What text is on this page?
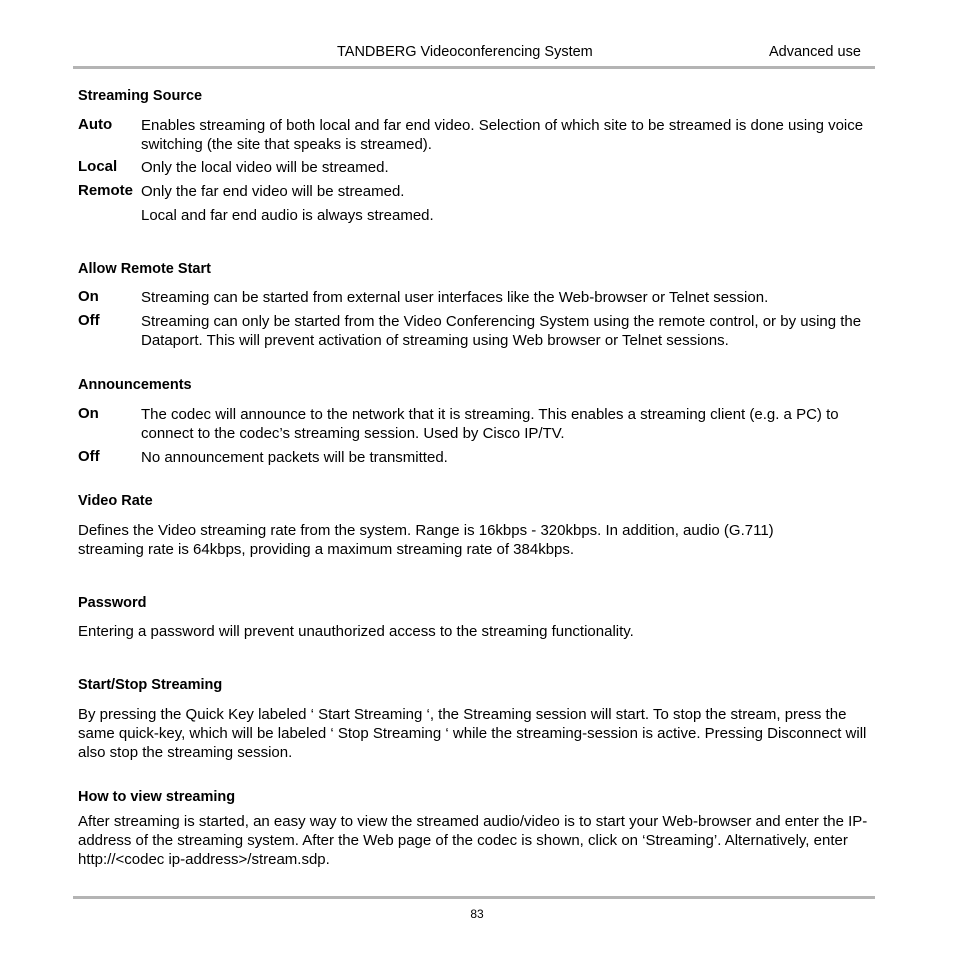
TANDBERG Videoconferencing System	Advanced use
Streaming Source
Auto Enables streaming of both local and far end video. Selection of which site to be streamed is done using voice switching (the site that speaks is streamed).
Local Only the local video will be streamed.
Remote Only the far end video will be streamed.
Local and far end audio is always streamed.
Allow Remote Start
On	Streaming can be started from external user interfaces like the Web-browser or Telnet session.
Off	Streaming can only be started from the Video Conferencing System using the remote control, or by using the Dataport. This will prevent activation of streaming using Web browser or Telnet sessions.
Announcements
On	The codec will announce to the network that it is streaming. This enables a streaming client (e.g. a PC) to connect to the codec’s streaming session. Used by Cisco IP/TV.
Off	No announcement packets will be transmitted.
Video Rate
Defines the Video streaming rate from the system. Range is 16kbps - 320kbps. In addition, audio (G.711) streaming rate is 64kbps, providing a maximum streaming rate of 384kbps.
Password
Entering a password will prevent unauthorized access to the streaming functionality.
Start/Stop Streaming
By pressing the Quick Key labeled ‘ Start Streaming ‘, the Streaming session will start. To stop the stream, press the same quick-key, which will be labeled ‘ Stop Streaming ‘ while the streaming-session is active. Pressing Disconnect will also stop the streaming session.
How to view streaming
After streaming is started, an easy way to view the streamed audio/video is to start your Web-browser and enter the IP-address of the streaming system. After the Web page of the codec is shown, click on ‘Streaming’. Alternatively, enter http://<codec ip-address>/stream.sdp.
83
